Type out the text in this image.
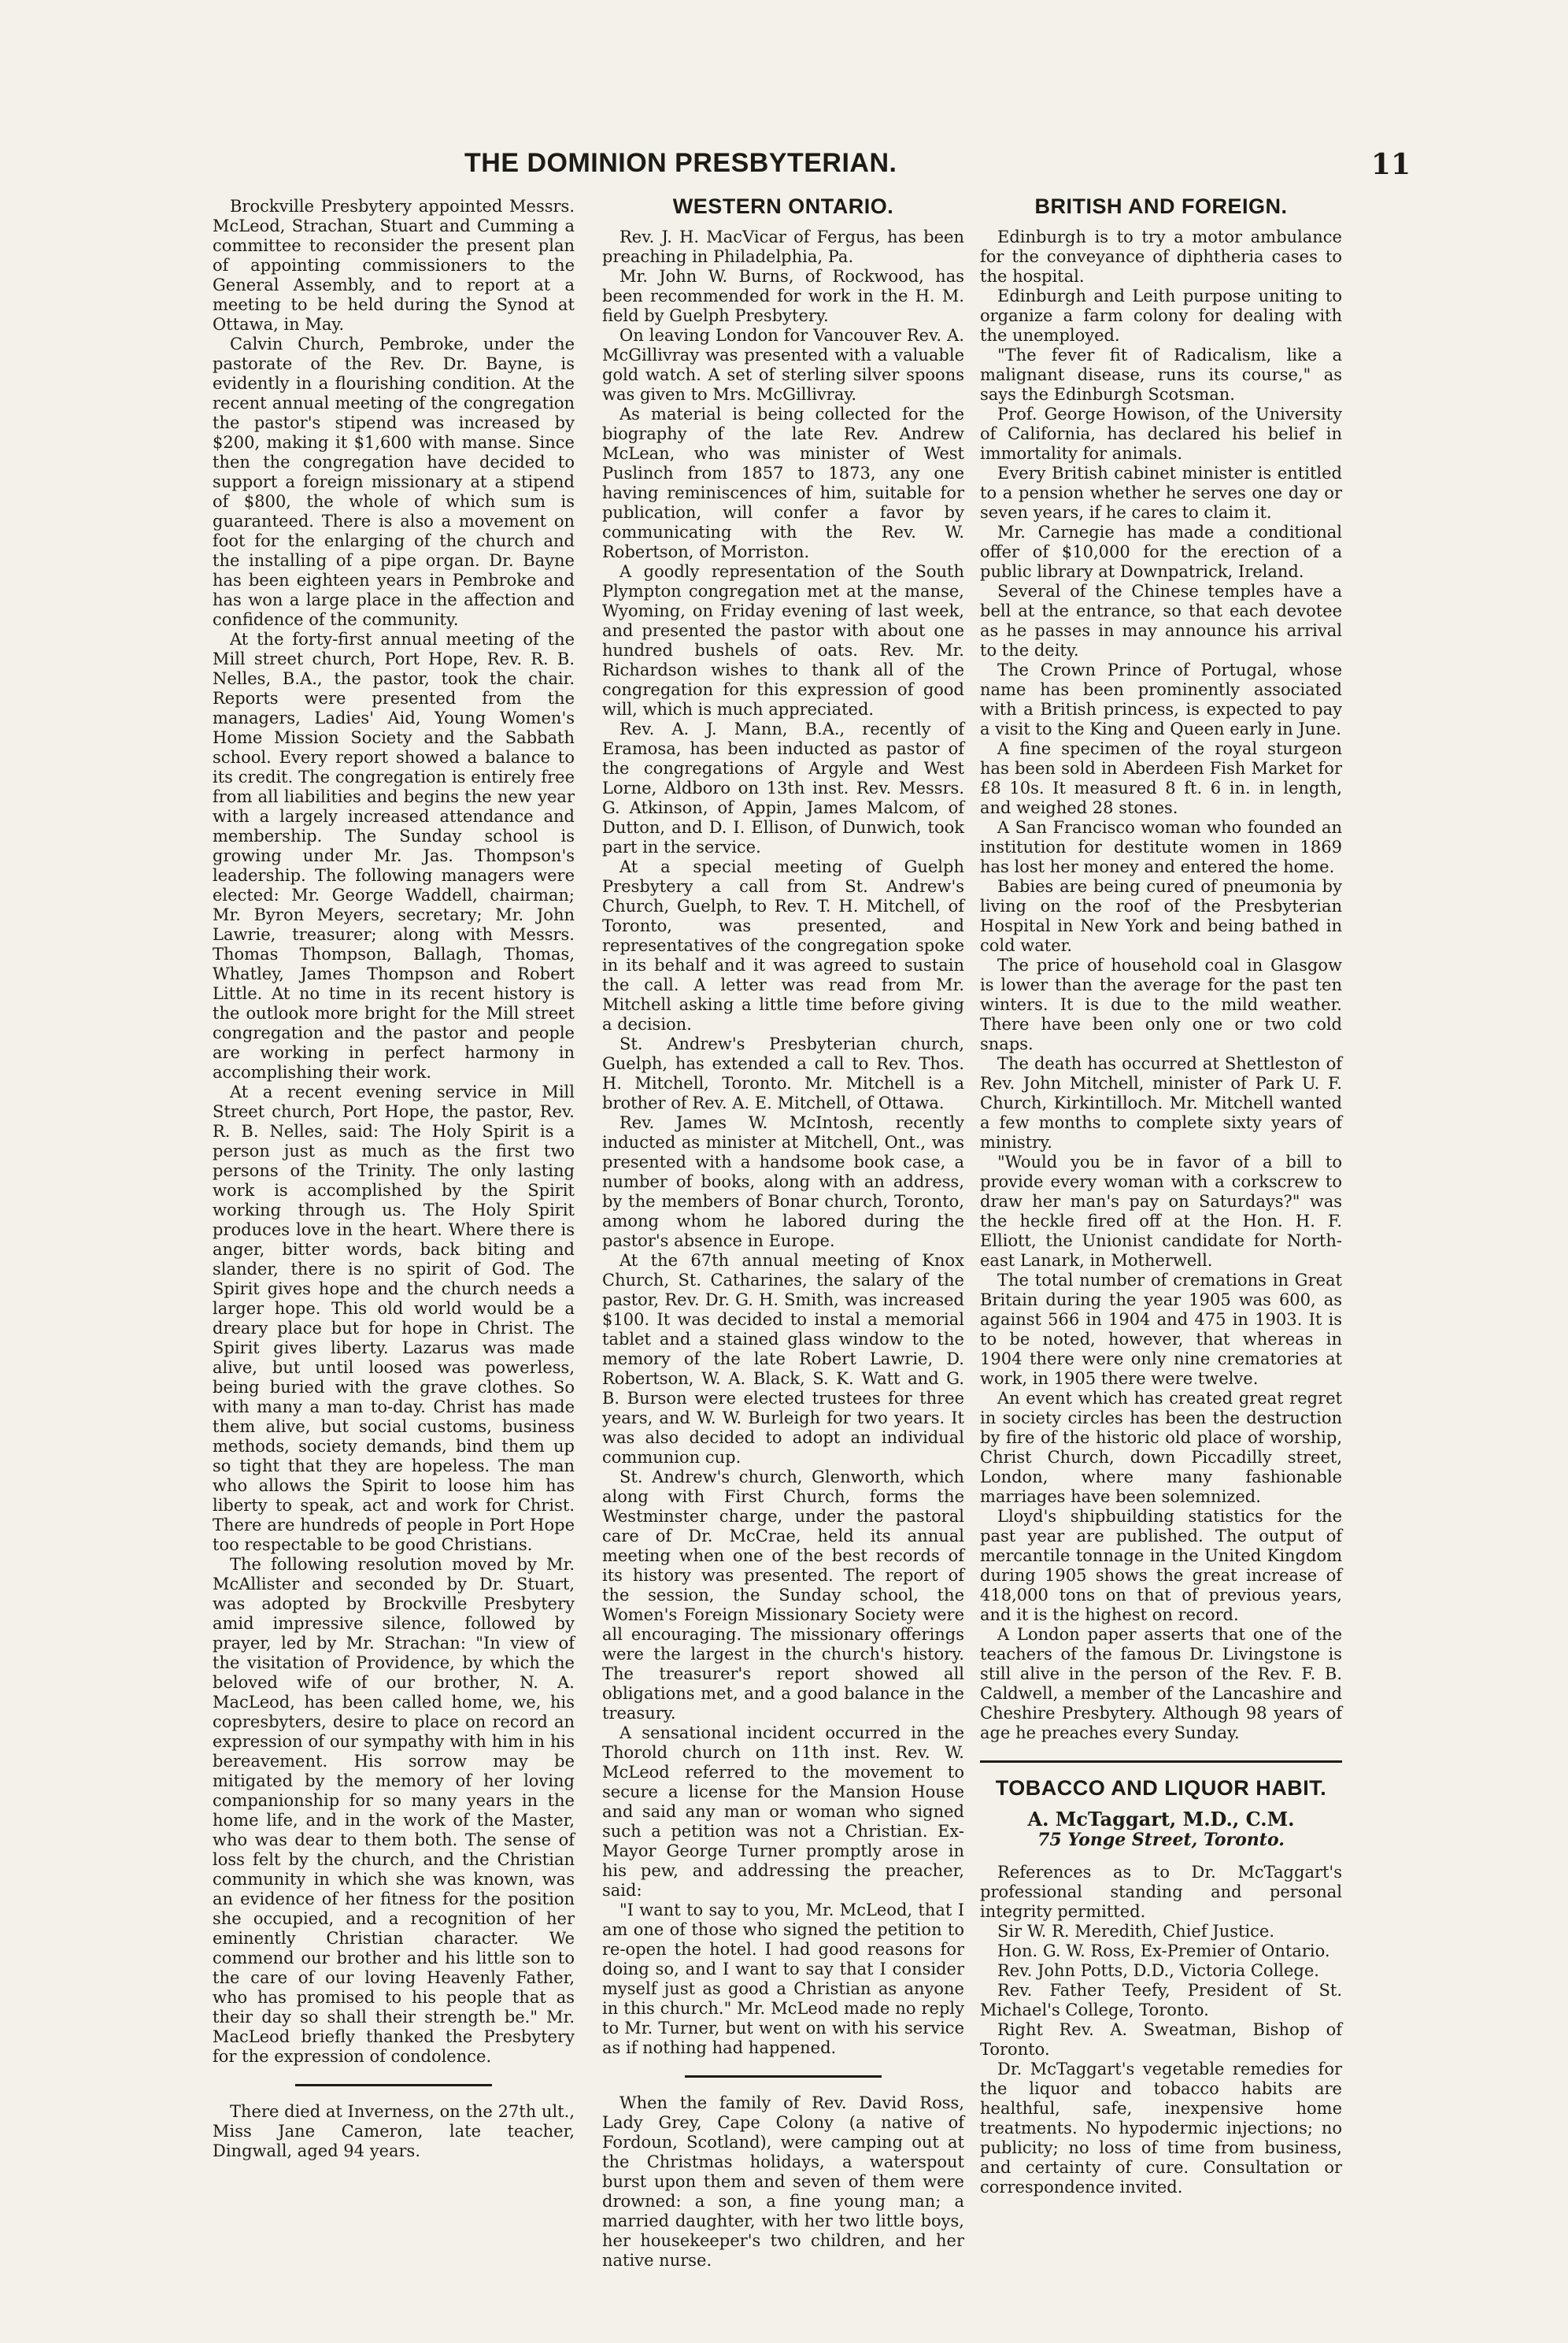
THE DOMINION PRESBYTERIAN.	11

Brockville Presbytery appointed Messrs. McLeod, Strachan, Stuart and Cumming a committee to reconsider the present plan of appointing commissioners to the General Assembly, and to report at a meeting to be held during the Synod at Ottawa, in May.

Calvin Church, Pembroke, under the pastorate of the Rev. Dr. Bayne, is evidently in a flourishing condition. At the recent annual meeting of the congregation the pastor's stipend was increased by $200, making it $1,600 with manse. Since then the congregation have decided to support a foreign missionary at a stipend of $800, the whole of which sum is guaranteed. There is also a movement on foot for the enlarging of the church and the installing of a pipe organ. Dr. Bayne has been eighteen years in Pembroke and has won a large place in the affection and confidence of the community.

At the forty-first annual meeting of the Mill street church, Port Hope, Rev. R. B. Nelles, B.A., the pastor, took the chair. Reports were presented from the managers, Ladies' Aid, Young Women's Home Mission Society and the Sabbath school. Every report showed a balance to its credit. The congregation is entirely free from all liabilities and begins the new year with a largely increased attendance and membership. The Sunday school is growing under Mr. Jas. Thompson's leadership. The following managers were elected: Mr. George Waddell, chairman; Mr. Byron Meyers, secretary; Mr. John Lawrie, treasurer; along with Messrs. Thomas Thompson, Ballagh, Thomas, Whatley, James Thompson and Robert Little. At no time in its recent history is the outlook more bright for the Mill street congregation and the pastor and people are working in perfect harmony in accomplishing their work.

At a recent evening service in Mill Street church, Port Hope, the pastor, Rev. R. B. Nelles, said: The Holy Spirit is a person just as much as the first two persons of the Trinity. The only lasting work is accomplished by the Spirit working through us. The Holy Spirit produces love in the heart. Where there is anger, bitter words, back biting and slander, there is no spirit of God. The Spirit gives hope and the church needs a larger hope. This old world would be a dreary place but for hope in Christ. The Spirit gives liberty. Lazarus was made alive, but until loosed was powerless, being buried with the grave clothes. So with many a man to-day. Christ has made them alive, but social customs, business methods, society demands, bind them up so tight that they are hopeless. The man who allows the Spirit to loose him has liberty to speak, act and work for Christ. There are hundreds of people in Port Hope too respectable to be good Christians.

The following resolution moved by Mr. McAllister and seconded by Dr. Stuart, was adopted by Brockville Presbytery amid impressive silence, followed by prayer, led by Mr. Strachan: "In view of the visitation of Providence, by which the beloved wife of our brother, N. A. MacLeod, has been called home, we, his copresbyters, desire to place on record an expression of our sympathy with him in his bereavement. His sorrow may be mitigated by the memory of her loving companionship for so many years in the home life, and in the work of the Master, who was dear to them both. The sense of loss felt by the church, and the Christian community in which she was known, was an evidence of her fitness for the position she occupied, and a recognition of her eminently Christian character. We commend our brother and his little son to the care of our loving Heavenly Father, who has promised to his people that as their day so shall their strength be." Mr. MacLeod briefly thanked the Presbytery for the expression of condolence.

There died at Inverness, on the 27th ult., Miss Jane Cameron, late teacher, Dingwall, aged 94 years.

WESTERN ONTARIO.

Rev. J. H. MacVicar of Fergus, has been preaching in Philadelphia, Pa.

Mr. John W. Burns, of Rockwood, has been recommended for work in the H. M. field by Guelph Presbytery.

On leaving London for Vancouver Rev. A. McGillivray was presented with a valuable gold watch. A set of sterling silver spoons was given to Mrs. McGillivray.

As material is being collected for the biography of the late Rev. Andrew McLean, who was minister of West Puslinch from 1857 to 1873, any one having reminiscences of him, suitable for publication, will confer a favor by communicating with the Rev. W. Robertson, of Morriston.

A goodly representation of the South Plympton congregation met at the manse, Wyoming, on Friday evening of last week, and presented the pastor with about one hundred bushels of oats. Rev. Mr. Richardson wishes to thank all of the congregation for this expression of good will, which is much appreciated.

Rev. A. J. Mann, B.A., recently of Eramosa, has been inducted as pastor of the congregations of Argyle and West Lorne, Aldboro on 13th inst. Rev. Messrs. G. Atkinson, of Appin, James Malcom, of Dutton, and D. I. Ellison, of Dunwich, took part in the service.

At a special meeting of Guelph Presbytery a call from St. Andrew's Church, Guelph, to Rev. T. H. Mitchell, of Toronto, was presented, and representatives of the congregation spoke in its behalf and it was agreed to sustain the call. A letter was read from Mr. Mitchell asking a little time before giving a decision.

St. Andrew's Presbyterian church, Guelph, has extended a call to Rev. Thos. H. Mitchell, Toronto. Mr. Mitchell is a brother of Rev. A. E. Mitchell, of Ottawa.

Rev. James W. McIntosh, recently inducted as minister at Mitchell, Ont., was presented with a handsome book case, a number of books, along with an address, by the members of Bonar church, Toronto, among whom he labored during the pastor's absence in Europe.

At the 67th annual meeting of Knox Church, St. Catharines, the salary of the pastor, Rev. Dr. G. H. Smith, was increased $100. It was decided to instal a memorial tablet and a stained glass window to the memory of the late Robert Lawrie, D. Robertson, W. A. Black, S. K. Watt and G. B. Burson were elected trustees for three years, and W. W. Burleigh for two years. It was also decided to adopt an individual communion cup.

St. Andrew's church, Glenworth, which along with First Church, forms the Westminster charge, under the pastoral care of Dr. McCrae, held its annual meeting when one of the best records of its history was presented. The report of the session, the Sunday school, the Women's Foreign Missionary Society were all encouraging. The missionary offerings were the largest in the church's history. The treasurer's report showed all obligations met, and a good balance in the treasury.

A sensational incident occurred in the Thorold church on 11th inst. Rev. W. McLeod referred to the movement to secure a license for the Mansion House and said any man or woman who signed such a petition was not a Christian. Ex-Mayor George Turner promptly arose in his pew, and addressing the preacher, said:

"I want to say to you, Mr. McLeod, that I am one of those who signed the petition to re-open the hotel. I had good reasons for doing so, and I want to say that I consider myself just as good a Christian as anyone in this church." Mr. McLeod made no reply to Mr. Turner, but went on with his service as if nothing had happened.

When the family of Rev. David Ross, Lady Grey, Cape Colony (a native of Fordoun, Scotland), were camping out at the Christmas holidays, a waterspout burst upon them and seven of them were drowned: a son, a fine young man; a married daughter, with her two little boys, her housekeeper's two children, and her native nurse.

BRITISH AND FOREIGN.

Edinburgh is to try a motor ambulance for the conveyance of diphtheria cases to the hospital.

Edinburgh and Leith purpose uniting to organize a farm colony for dealing with the unemployed.

"The fever fit of Radicalism, like a malignant disease, runs its course," as says the Edinburgh Scotsman.

Prof. George Howison, of the University of California, has declared his belief in immortality for animals.

Every British cabinet minister is entitled to a pension whether he serves one day or seven years, if he cares to claim it.

Mr. Carnegie has made a conditional offer of $10,000 for the erection of a public library at Downpatrick, Ireland.

Several of the Chinese temples have a bell at the entrance, so that each devotee as he passes in may announce his arrival to the deity.

The Crown Prince of Portugal, whose name has been prominently associated with a British princess, is expected to pay a visit to the King and Queen early in June.

A fine specimen of the royal sturgeon has been sold in Aberdeen Fish Market for £8 10s. It measured 8 ft. 6 in. in length, and weighed 28 stones.

A San Francisco woman who founded an institution for destitute women in 1869 has lost her money and entered the home.

Babies are being cured of pneumonia by living on the roof of the Presbyterian Hospital in New York and being bathed in cold water.

The price of household coal in Glasgow is lower than the average for the past ten winters. It is due to the mild weather. There have been only one or two cold snaps.

The death has occurred at Shettleston of Rev. John Mitchell, minister of Park U. F. Church, Kirkintilloch. Mr. Mitchell wanted a few months to complete sixty years of ministry.

"Would you be in favor of a bill to provide every woman with a corkscrew to draw her man's pay on Saturdays?" was the heckle fired off at the Hon. H. F. Elliott, the Unionist candidate for North-east Lanark, in Motherwell.

The total number of cremations in Great Britain during the year 1905 was 600, as against 566 in 1904 and 475 in 1903. It is to be noted, however, that whereas in 1904 there were only nine crematories at work, in 1905 there were twelve.

An event which has created great regret in society circles has been the destruction by fire of the historic old place of worship, Christ Church, down Piccadilly street, London, where many fashionable marriages have been solemnized.

Lloyd's shipbuilding statistics for the past year are published. The output of mercantile tonnage in the United Kingdom during 1905 shows the great increase of 418,000 tons on that of previous years, and it is the highest on record.

A London paper asserts that one of the teachers of the famous Dr. Livingstone is still alive in the person of the Rev. F. B. Caldwell, a member of the Lancashire and Cheshire Presbytery. Although 98 years of age he preaches every Sunday.

TOBACCO AND LIQUOR HABIT.

A. McTaggart, M.D., C.M.

75 Yonge Street, Toronto.

References as to Dr. McTaggart's professional standing and personal integrity permitted.

Sir W. R. Meredith, Chief Justice.

Hon. G. W. Ross, Ex-Premier of Ontario.

Rev. John Potts, D.D., Victoria College.

Rev. Father Teefy, President of St. Michael's College, Toronto.

Right Rev. A. Sweatman, Bishop of Toronto.

Dr. McTaggart's vegetable remedies for the liquor and tobacco habits are healthful, safe, inexpensive home treatments. No hypodermic injections; no publicity; no loss of time from business, and certainty of cure. Consultation or correspondence invited.
